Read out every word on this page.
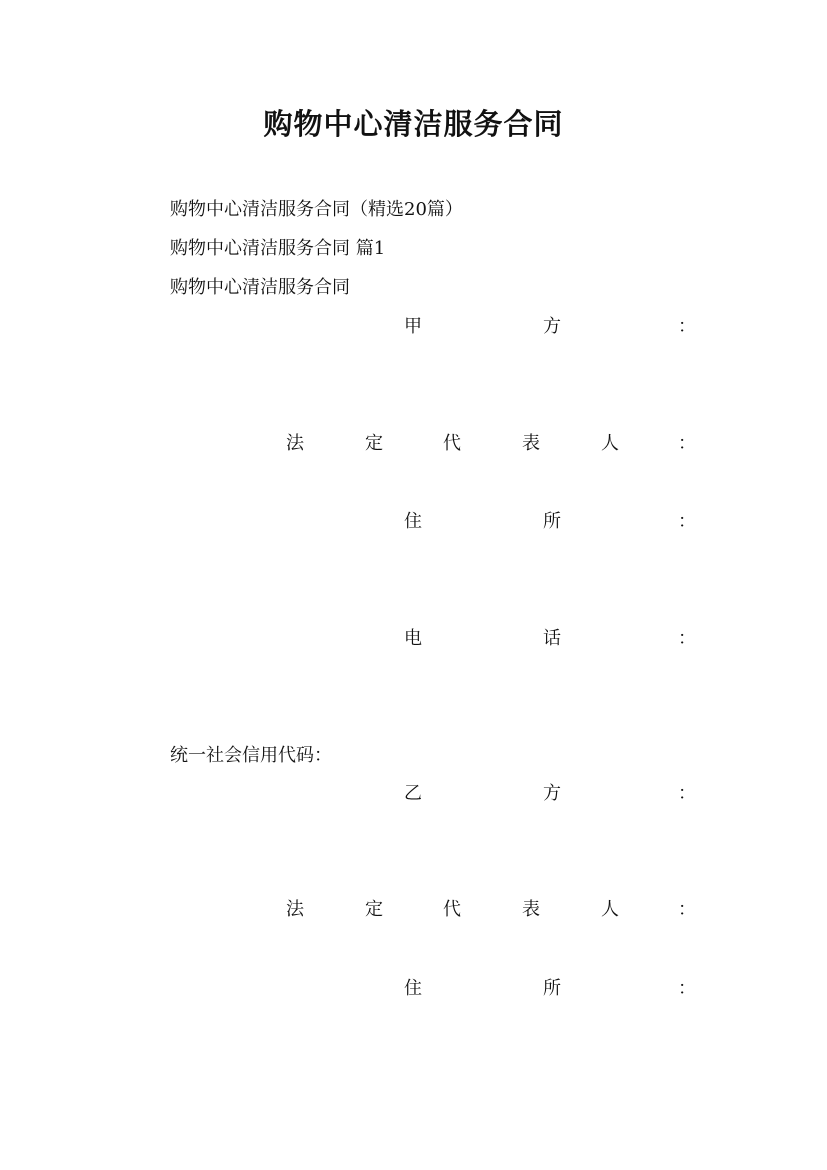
购物中心清洁服务合同
购物中心清洁服务合同（精选20篇）
购物中心清洁服务合同 篇1
购物中心清洁服务合同
甲	方	：
法	定	代	表	人	：
住	所	：
电	话	：
统一社会信用代码：
乙	方	：
法	定	代	表	人	：
住	所	：
